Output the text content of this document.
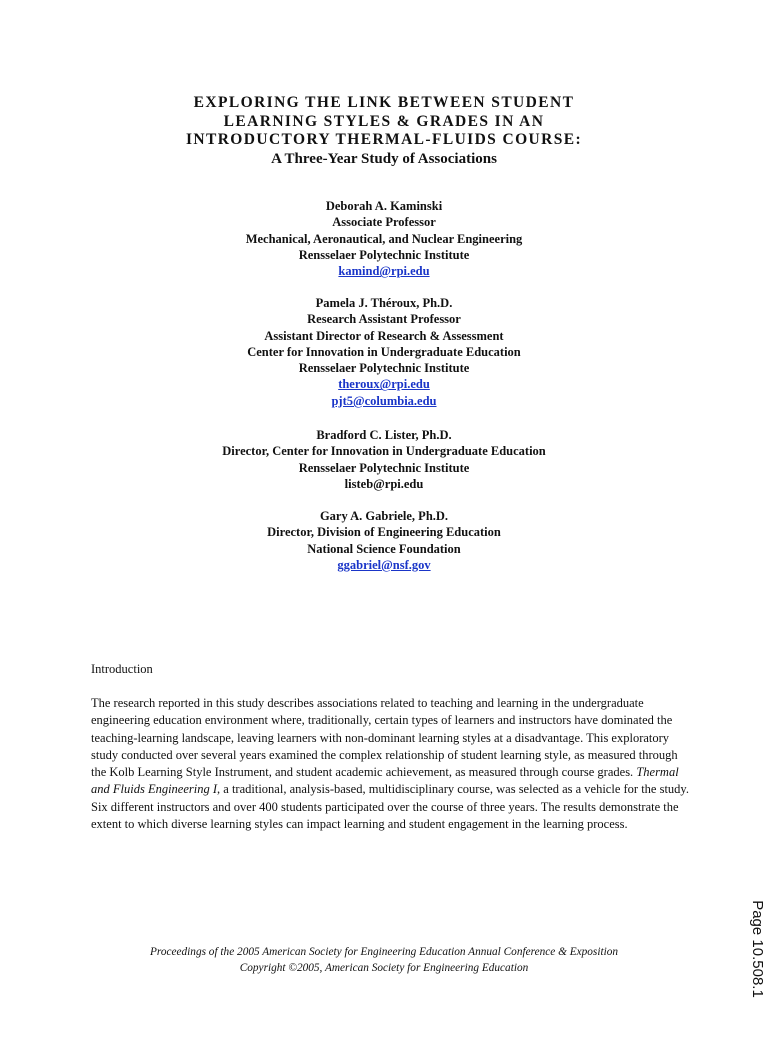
EXPLORING THE LINK BETWEEN STUDENT
LEARNING STYLES & GRADES IN AN
INTRODUCTORY THERMAL-FLUIDS COURSE:
A Three-Year Study of Associations
Deborah A. Kaminski
Associate Professor
Mechanical, Aeronautical, and Nuclear Engineering
Rensselaer Polytechnic Institute
kamind@rpi.edu
Pamela J. Théroux, Ph.D.
Research Assistant Professor
Assistant Director of Research & Assessment
Center for Innovation in Undergraduate Education
Rensselaer Polytechnic Institute
theroux@rpi.edu
pjt5@columbia.edu
Bradford C. Lister, Ph.D.
Director, Center for Innovation in Undergraduate Education
Rensselaer Polytechnic Institute
listeb@rpi.edu
Gary A. Gabriele, Ph.D.
Director, Division of Engineering Education
National Science Foundation
ggabriel@nsf.gov
Introduction
The research reported in this study describes associations related to teaching and learning in the undergraduate engineering education environment where, traditionally, certain types of learners and instructors have dominated the teaching-learning landscape, leaving learners with non-dominant learning styles at a disadvantage. This exploratory study conducted over several years examined the complex relationship of student learning style, as measured through the Kolb Learning Style Instrument, and student academic achievement, as measured through course grades. Thermal and Fluids Engineering I, a traditional, analysis-based, multidisciplinary course, was selected as a vehicle for the study. Six different instructors and over 400 students participated over the course of three years. The results demonstrate the extent to which diverse learning styles can impact learning and student engagement in the learning process.
Proceedings of the 2005 American Society for Engineering Education Annual Conference & Exposition
Copyright ©2005, American Society for Engineering Education	Page 10.508.1
